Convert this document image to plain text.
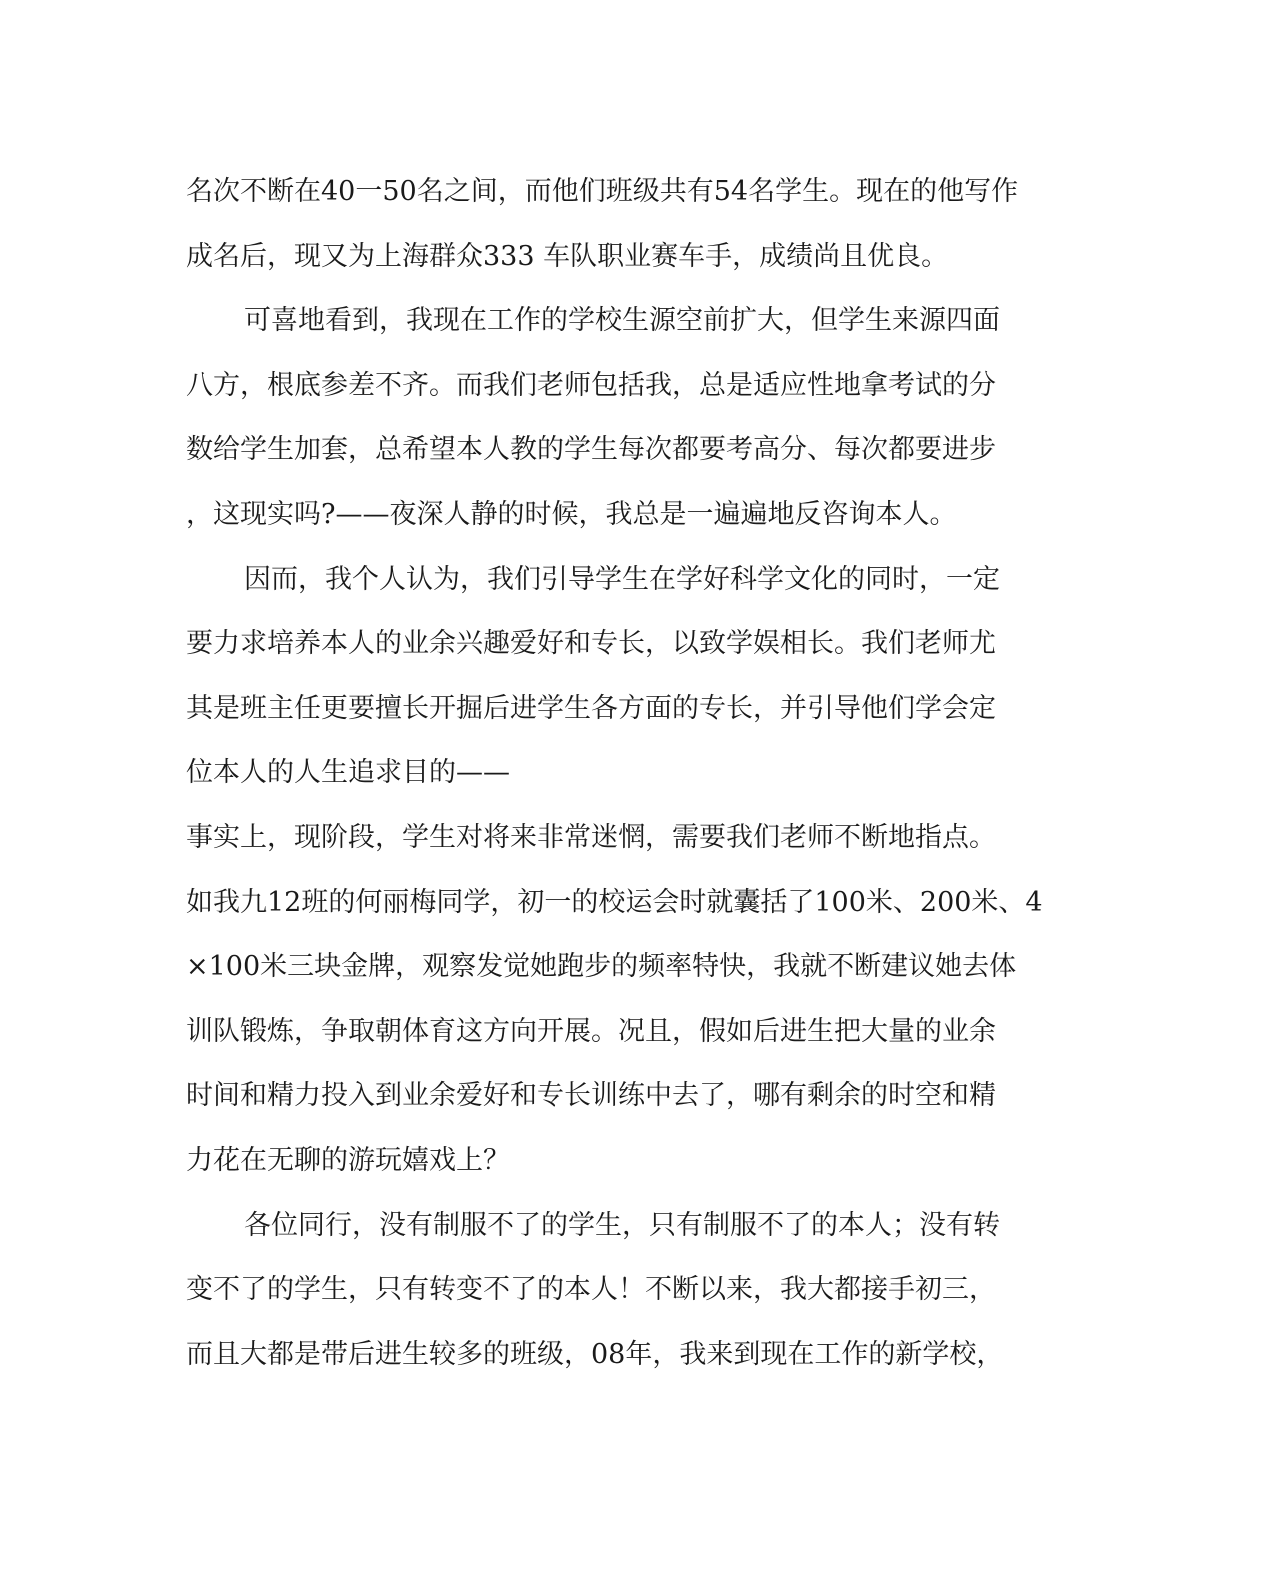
名次不断在40一50名之间，而他们班级共有54名学生。现在的他写作
成名后，现又为上海群众333 车队职业赛车手，成绩尚且优良。
可喜地看到，我现在工作的学校生源空前扩大，但学生来源四面
八方，根底参差不齐。而我们老师包括我，总是适应性地拿考试的分
数给学生加套，总希望本人教的学生每次都要考高分、每次都要进步
，这现实吗?——夜深人静的时候，我总是一遍遍地反咨询本人。
因而，我个人认为，我们引导学生在学好科学文化的同时，一定
要力求培养本人的业余兴趣爱好和专长，以致学娱相长。我们老师尤
其是班主任更要擅长开掘后进学生各方面的专长，并引导他们学会定
位本人的人生追求目的——
事实上，现阶段，学生对将来非常迷惘，需要我们老师不断地指点。
如我九12班的何丽梅同学，初一的校运会时就囊括了100米、200米、4
×100米三块金牌，观察发觉她跑步的频率特快，我就不断建议她去体
训队锻炼，争取朝体育这方向开展。况且，假如后进生把大量的业余
时间和精力投入到业余爱好和专长训练中去了，哪有剩余的时空和精
力花在无聊的游玩嬉戏上？
各位同行，没有制服不了的学生，只有制服不了的本人；没有转
变不了的学生，只有转变不了的本人！不断以来，我大都接手初三，
而且大都是带后进生较多的班级，08年，我来到现在工作的新学校，
